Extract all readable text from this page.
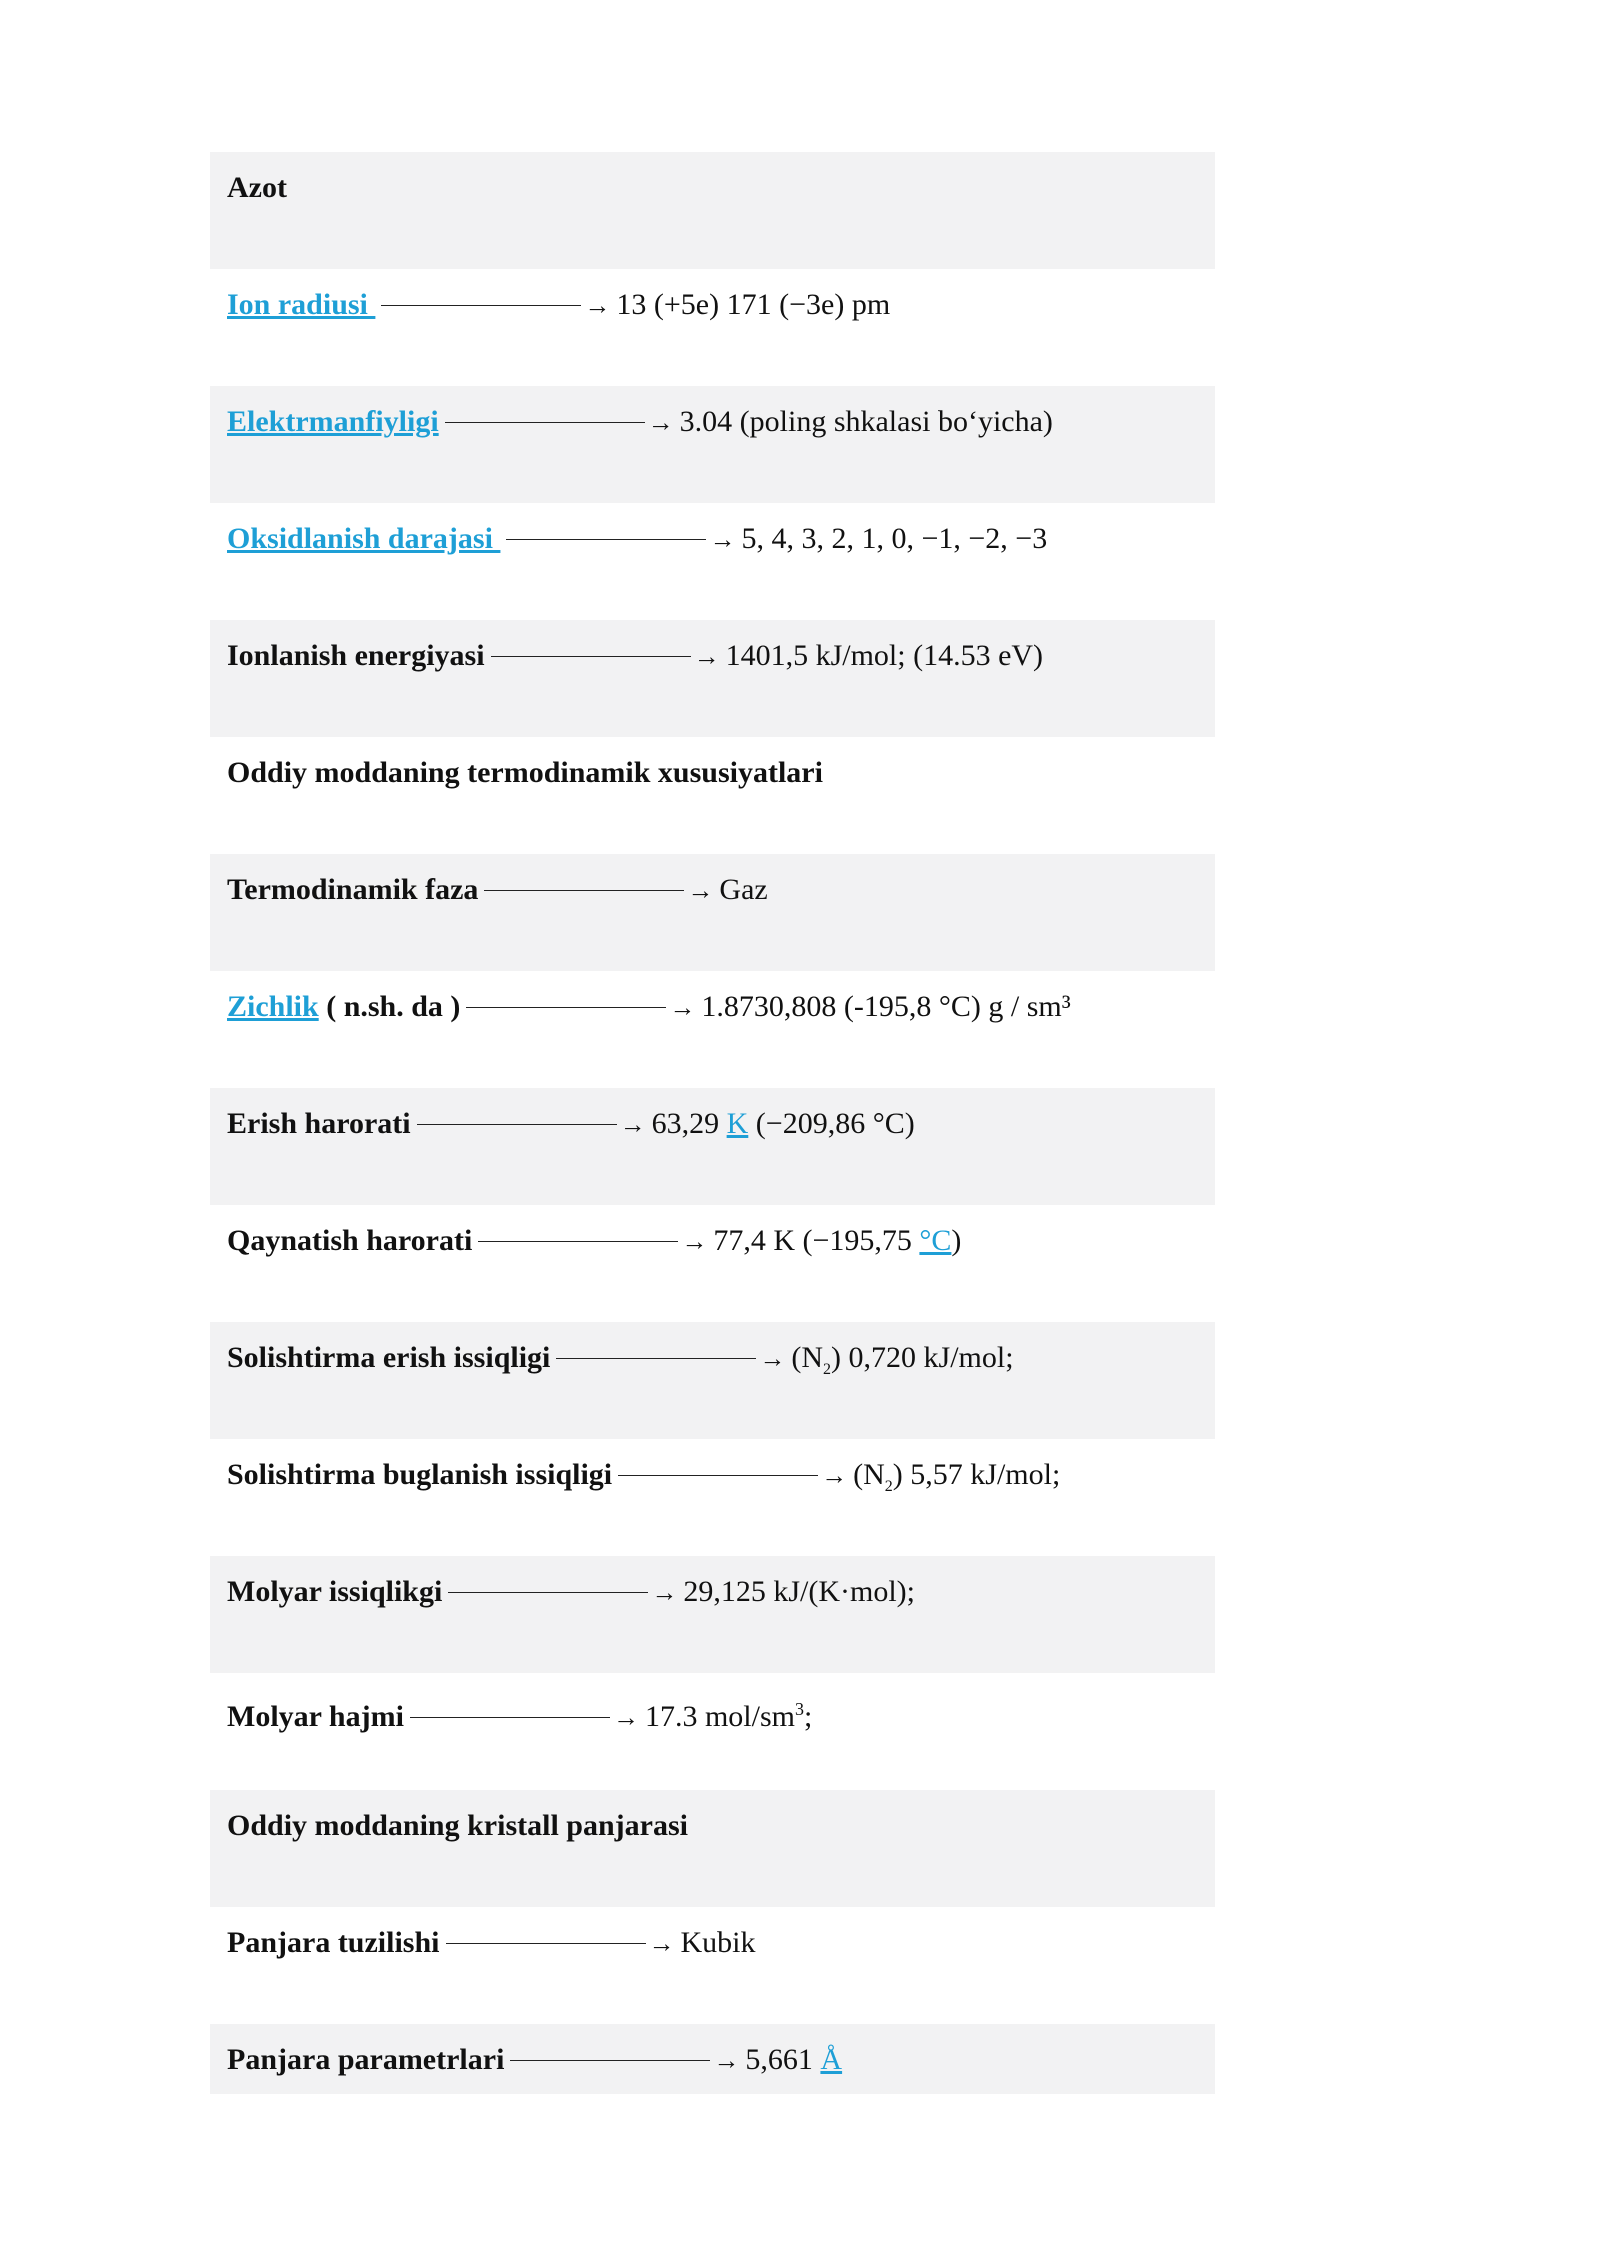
Azot
Ion radiusi	→ 13 (+5e) 171 (−3e) pm
Elektrmanfiyligi	→ 3.04 (poling shkalasi bo‘yicha)
Oksidlanish darajasi	→ 5, 4, 3, 2, 1, 0, −1, −2, −3
Ionlanish energiyasi	→ 1401,5 kJ/mol; (14.53 eV)
Oddiy moddaning termodinamik xususiyatlari
Termodinamik faza	→ Gaz
Zichlik ( n.sh. da )	→ 1.8730,808 (-195,8 °C) g / sm³
Erish harorati	→ 63,29 K (−209,86 °C)
Qaynatish harorati	→ 77,4 K (−195,75 °C)
Solishtirma erish issiqligi	→ $(N_2)$ 0,720 kJ/mol;
Solishtirma buglanish issiqligi	→ $(N_2)$ 5,57 kJ/mol;
Molyar issiqlikgi	→ 29,125 kJ/(K·mol);
Molyar hajmi	→ 17.3 mol/$sm^3$;
Oddiy moddaning kristall panjarasi
Panjara tuzilishi	→ Kubik
Panjara parametrlari	→ 5,661 Å
